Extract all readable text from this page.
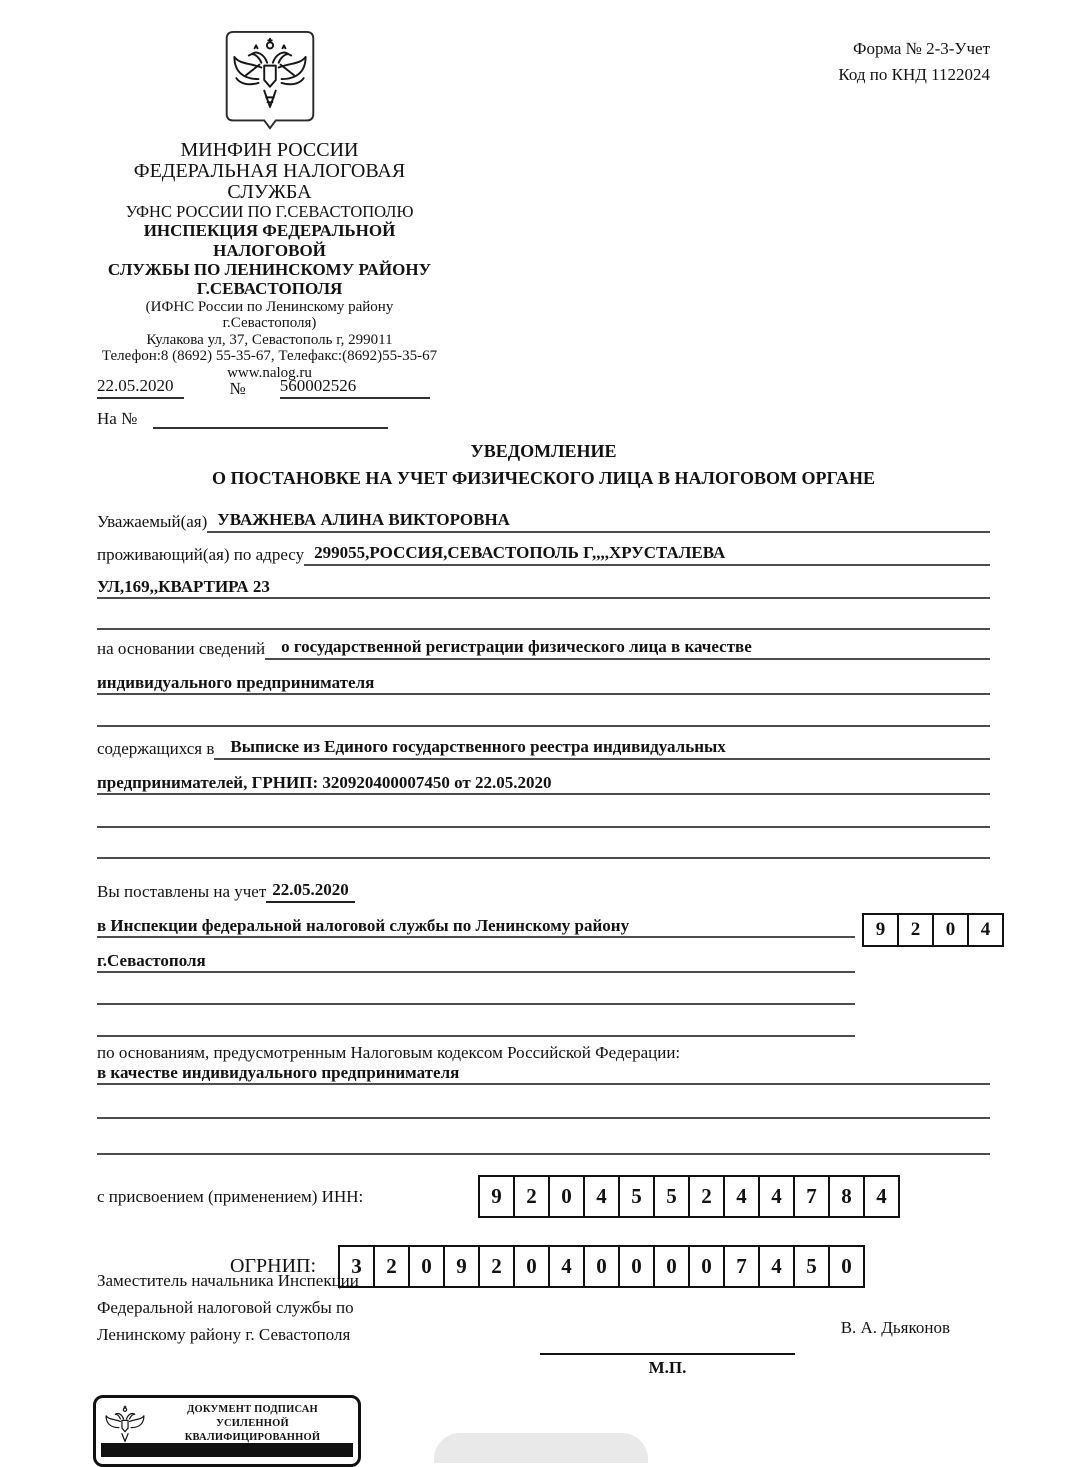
Форма № 2-3-Учет
Код по КНД 1122024
МИНФИН РОССИИ
ФЕДЕРАЛЬНАЯ НАЛОГОВАЯ СЛУЖБА
УФНС РОССИИ ПО Г.СЕВАСТОПОЛЮ
ИНСПЕКЦИЯ ФЕДЕРАЛЬНОЙ НАЛОГОВОЙ
СЛУЖБЫ ПО ЛЕНИНСКОМУ РАЙОНУ
Г.СЕВАСТОПОЛЯ
(ИФНС России по Ленинскому району г.Севастополя)
Кулакова ул, 37, Севастополь г, 299011
Телефон:8 (8692) 55-35-67, Телефакс:(8692)55-35-67
www.nalog.ru
22.05.2020	№ 560002526
На №
УВЕДОМЛЕНИЕ
О ПОСТАНОВКЕ НА УЧЕТ ФИЗИЧЕСКОГО ЛИЦА В НАЛОГОВОМ ОРГАНЕ
Уважаемый(ая) УВАЖНЕВА АЛИНА ВИКТОРОВНА
проживающий(ая) по адресу 299055,РОССИЯ,СЕВАСТОПОЛЬ Г,,,,ХРУСТАЛЕВА
УЛ,169,,КВАРТИРА 23
на основании сведений о государственной регистрации физического лица в качестве
индивидуального предпринимателя
содержащихся в Выписке из Единого государственного реестра индивидуальных
предпринимателей, ГРНИП: 320920400007450 от 22.05.2020
Вы поставлены на учет 22.05.2020
в Инспекции федеральной налоговой службы по Ленинскому району
г.Севастополя
9	2	0	4
по основаниям, предусмотренным Налоговым кодексом Российской Федерации:
в качестве индивидуального предпринимателя
с присвоением (применением) ИНН:	9	2	0	4	5	5	2	4	4	7	8	4
ОГРНИП:	3	2	0	9	2	0	4	0	0	0	0	7	4	5	0
Заместитель начальника Инспекции
Федеральной налоговой службы по
Ленинскому району г. Севастополя	В. А. Дьяконов
М.П.
ДОКУМЕНТ ПОДПИСАН
УСИЛЕННОЙ КВАЛИФИЦИРОВАННОЙ
